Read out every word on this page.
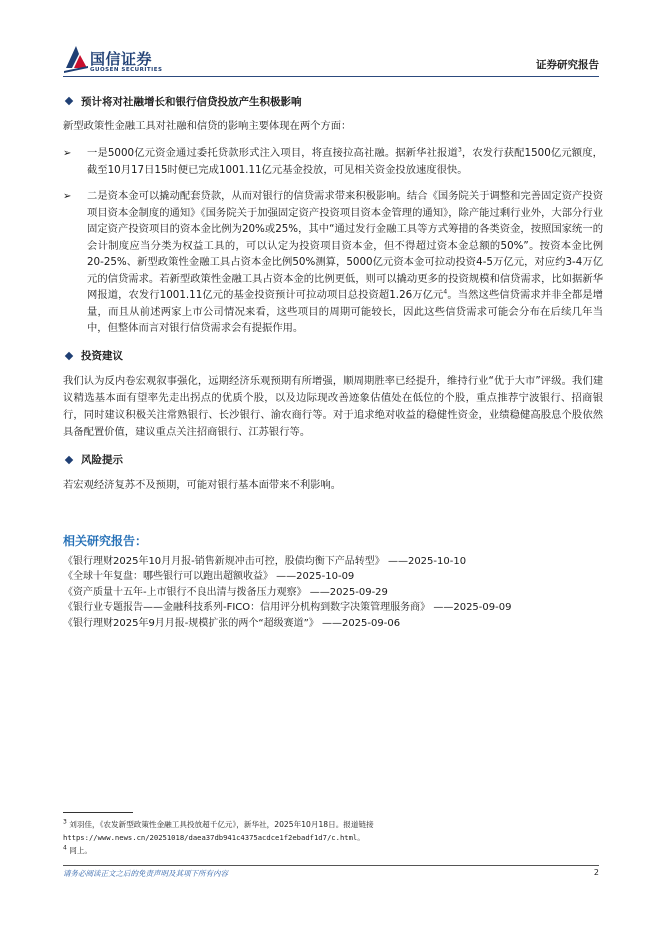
国信证券
GUOSEN SECURITIES	证券研究报告
预计将对社融增长和银行信贷投放产生积极影响

新型政策性金融工具对社融和信贷的影响主要体现在两个方面：

➢	一是5000亿元资金通过委托贷款形式注入项目，将直接拉高社融。据新华社报道$^3$，农发行获配1500亿元额度，截至10月17日15时便已完成1001.11亿元基金投放，可见相关资金投放速度很快。
➢	二是资本金可以撬动配套贷款，从而对银行的信贷需求带来积极影响。结合《国务院关于调整和完善固定资产投资项目资本金制度的通知》《国务院关于加强固定资产投资项目资本金管理的通知》，除产能过剩行业外，大部分行业固定资产投资项目的资本金比例为20%或25%，其中“通过发行金融工具等方式筹措的各类资金，按照国家统一的会计制度应当分类为权益工具的，可以认定为投资项目资本金，但不得超过资本金总额的50%”。按资本金比例20-25%、新型政策性金融工具占资本金比例50%测算，5000亿元资本金可拉动投资4-5万亿元，对应约3-4万亿元的信贷需求。若新型政策性金融工具占资本金的比例更低，则可以撬动更多的投资规模和信贷需求，比如据新华网报道，农发行1001.11亿元的基金投资预计可拉动项目总投资超1.26万亿元$^4$。当然这些信贷需求并非全都是增量，而且从前述两家上市公司情况来看，这些项目的周期可能较长，因此这些信贷需求可能会分布在后续几年当中，但整体而言对银行信贷需求会有提振作用。
投资建议

我们认为反内卷宏观叙事强化，远期经济乐观预期有所增强，顺周期胜率已经提升，维持行业“优于大市”评级。我们建议精选基本面有望率先走出拐点的优质个股，以及边际现改善迹象估值处在低位的个股，重点推荐宁波银行、招商银行，同时建议积极关注常熟银行、长沙银行、渝农商行等。对于追求绝对收益的稳健性资金，业绩稳健高股息个股依然具备配置价值，建议重点关注招商银行、江苏银行等。

风险提示

若宏观经济复苏不及预期，可能对银行基本面带来不利影响。

相关研究报告：
《银行理财2025年10月月报-销售新规冲击可控，股债均衡下产品转型》 ——2025-10-10
《全球十年复盘：哪些银行可以跑出超额收益》 ——2025-10-09
《资产质量十五年-上市银行不良出清与拨备压力观察》 ——2025-09-29
《银行业专题报告——金融科技系列-FICO：信用评分机构到数字决策管理服务商》 ——2025-09-09
《银行理财2025年9月月报-规模扩张的两个“超级赛道”》 ——2025-09-06
$^3$ 刘羽佳，《农发新型政策性金融工具投放超千亿元》，新华社，2025年10月18日。报道链接
https://www.news.cn/20251018/daea37db941c4375acdce1f2ebadf1d7/c.html。
$^4$ 同上。
请务必阅读正文之后的免责声明及其项下所有内容	2
